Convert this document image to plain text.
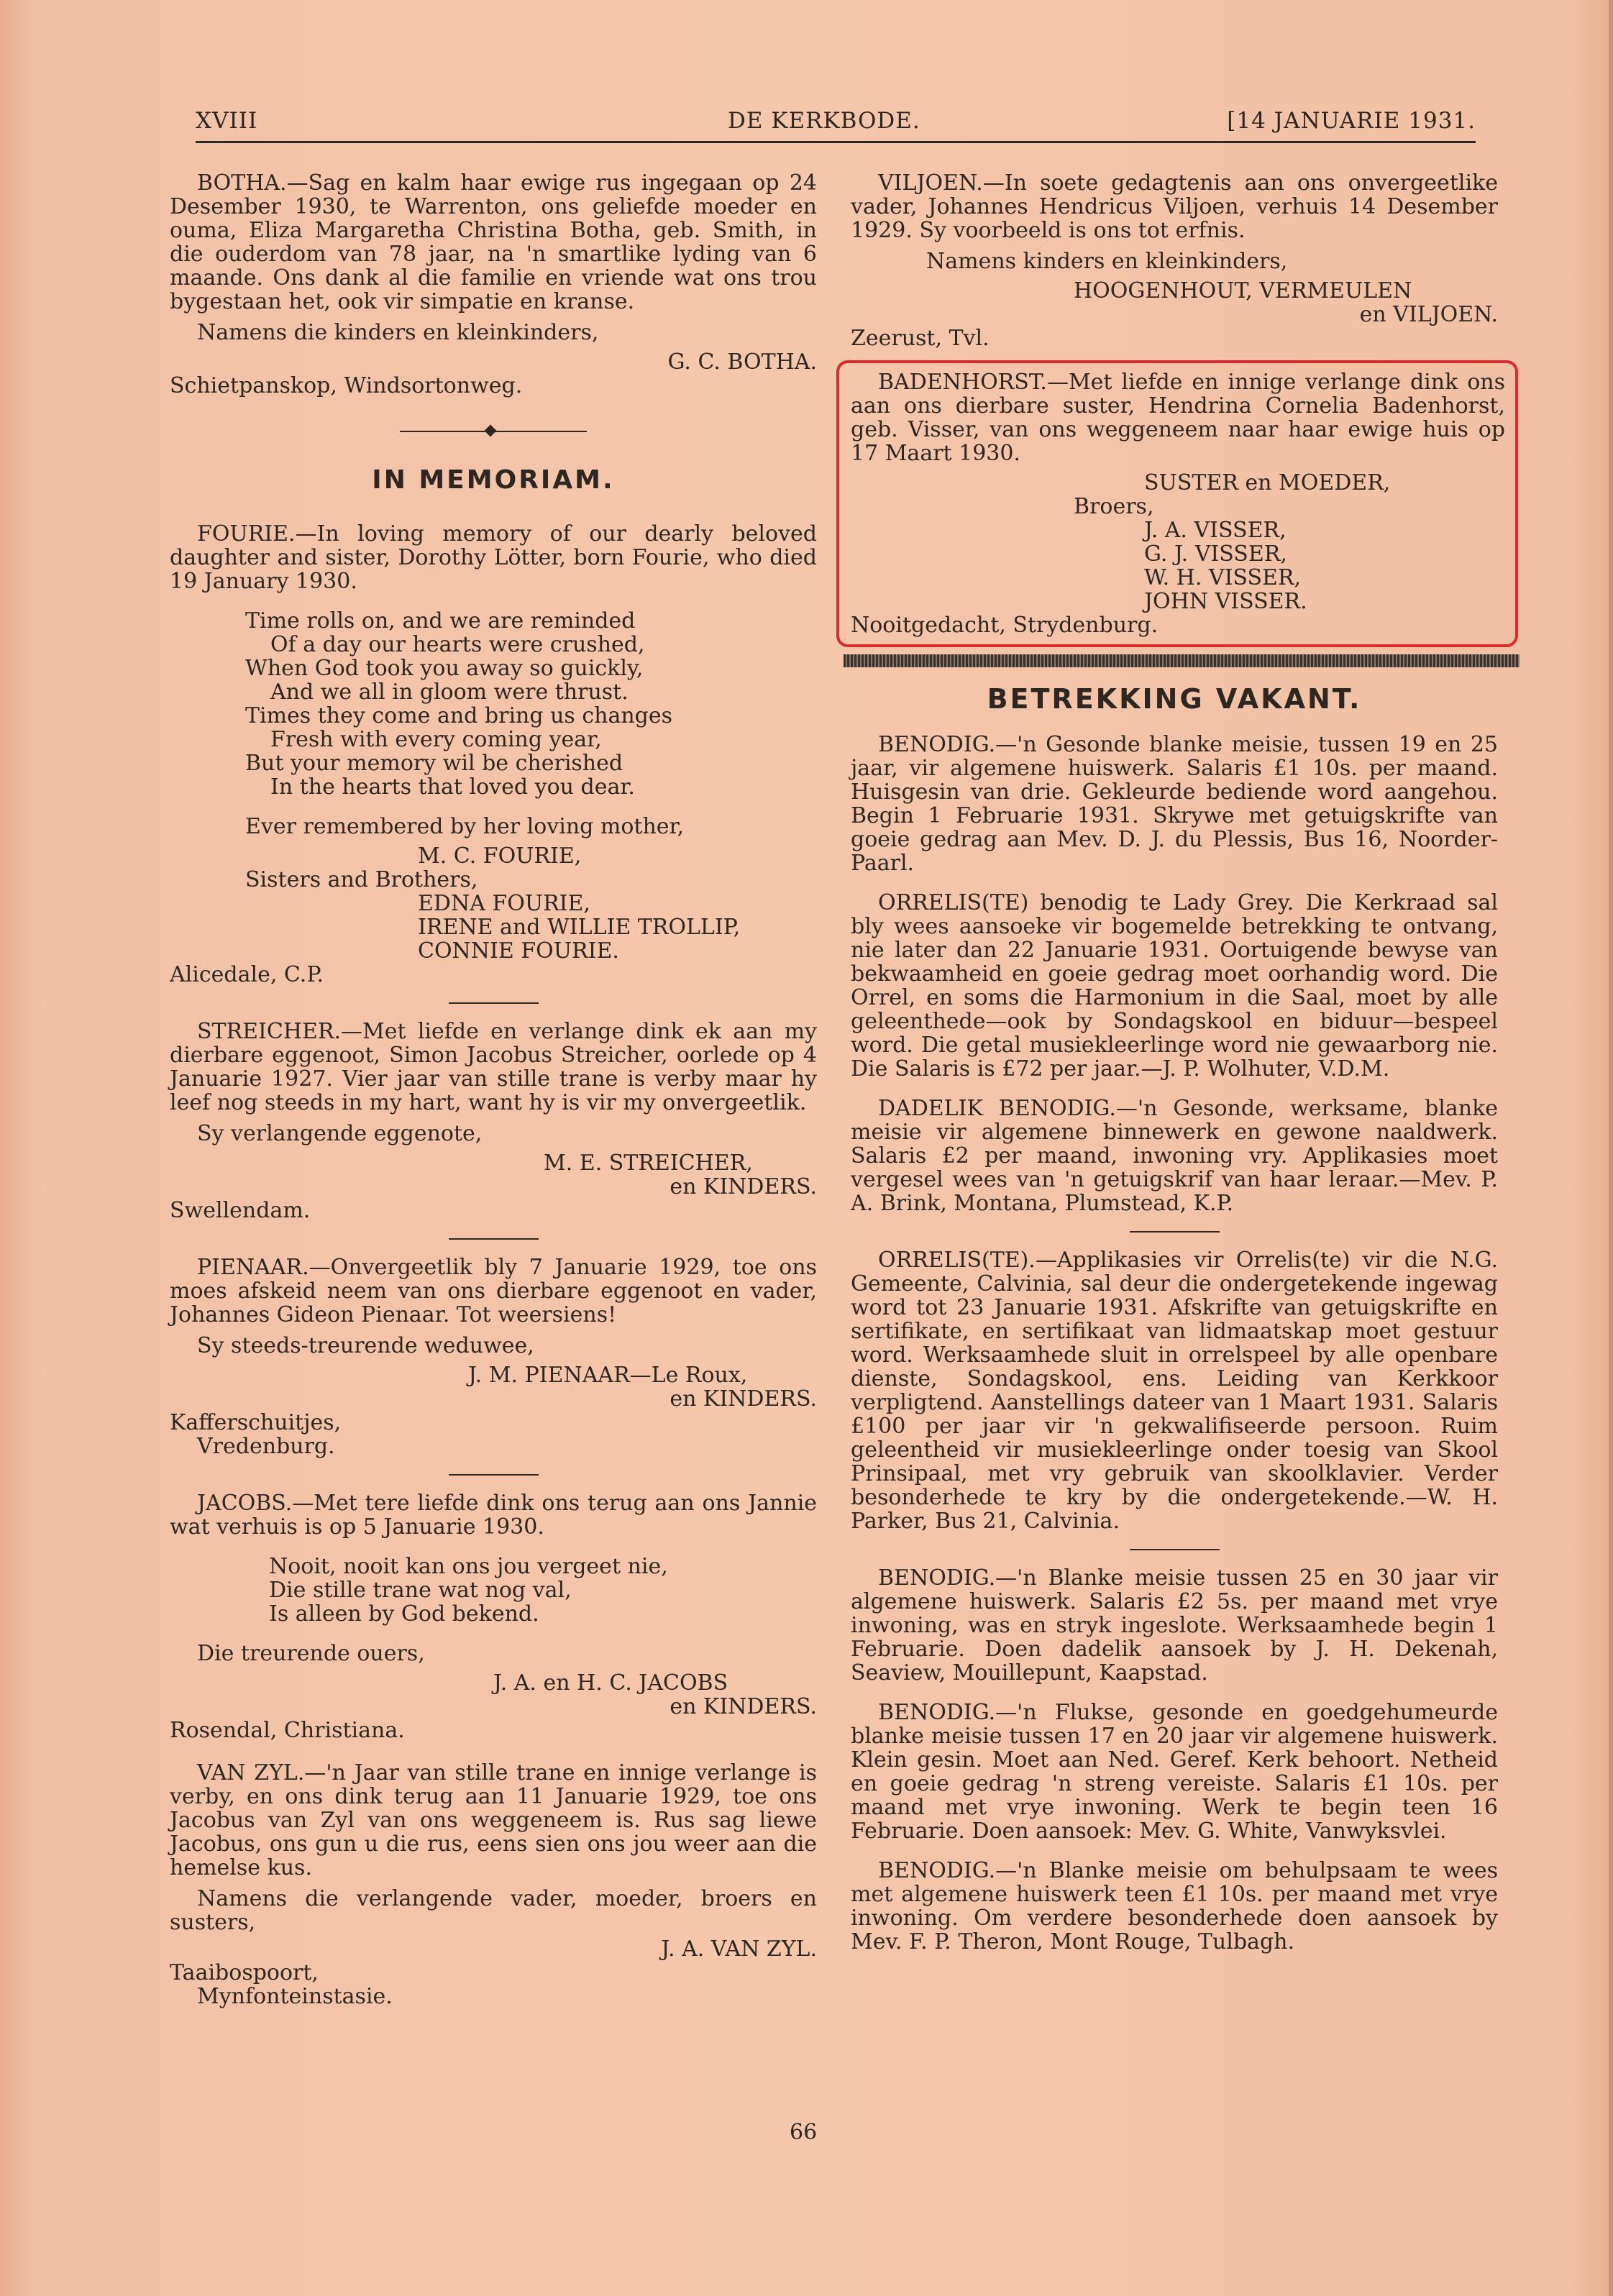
XVIII	DE KERKBODE.	[14 JANUARIE 1931.

BOTHA.—Sag en kalm haar ewige rus ingegaan op 24 Desember 1930, te Warrenton, ons geliefde moeder en ouma, Eliza Margaretha Christina Botha, geb. Smith, in die ouderdom van 78 jaar, na 'n smartlike lyding van 6 maande. Ons dank al die familie en vriende wat ons trou bygestaan het, ook vir simpatie en kranse.

Namens die kinders en kleinkinders,

G. C. BOTHA.

Schietpanskop, Windsortonweg.

IN MEMORIAM.

FOURIE.—In loving memory of our dearly beloved daughter and sister, Dorothy Lötter, born Fourie, who died 19 January 1930.

Time rolls on, and we are reminded
Of a day our hearts were crushed,
When God took you away so guickly,
And we all in gloom were thrust.
Times they come and bring us changes
Fresh with every coming year,
But your memory wil be cherished
In the hearts that loved you dear.

Ever remembered by her loving mother,

M. C. FOURIE,
Sisters and Brothers,
EDNA FOURIE,
IRENE and WILLIE TROLLIP,
CONNIE FOURIE.

Alicedale, C.P.

STREICHER.—Met liefde en verlange dink ek aan my dierbare eggenoot, Simon Jacobus Streicher, oorlede op 4 Januarie 1927. Vier jaar van stille trane is verby maar hy leef nog steeds in my hart, want hy is vir my onvergeetlik.

Sy verlangende eggenote,

M. E. STREICHER,
en KINDERS.

Swellendam.

PIENAAR.—Onvergeetlik bly 7 Januarie 1929, toe ons moes afskeid neem van ons dierbare eggenoot en vader, Johannes Gideon Pienaar. Tot weersiens!

Sy steeds-treurende weduwee,

J. M. PIENAAR—Le Roux,
en KINDERS.

Kafferschuitjes,

Vredenburg.

JACOBS.—Met tere liefde dink ons terug aan ons Jannie wat verhuis is op 5 Januarie 1930.

Nooit, nooit kan ons jou vergeet nie,
Die stille trane wat nog val,
Is alleen by God bekend.

Die treurende ouers,

J. A. en H. C. JACOBS
en KINDERS.

Rosendal, Christiana.

VAN ZYL.—'n Jaar van stille trane en innige verlange is verby, en ons dink terug aan 11 Januarie 1929, toe ons Jacobus van Zyl van ons weggeneem is. Rus sag liewe Jacobus, ons gun u die rus, eens sien ons jou weer aan die hemelse kus.

Namens die verlangende vader, moeder, broers en susters,

J. A. VAN ZYL.

Taaibospoort,

Mynfonteinstasie.

VILJOEN.—In soete gedagtenis aan ons onvergeetlike vader, Johannes Hendricus Viljoen, verhuis 14 Desember 1929. Sy voorbeeld is ons tot erfnis.

Namens kinders en kleinkinders,

HOOGENHOUT, VERMEULEN
en VILJOEN.

Zeerust, Tvl.

BADENHORST.—Met liefde en innige verlange dink ons aan ons dierbare suster, Hendrina Cornelia Badenhorst, geb. Visser, van ons weggeneem naar haar ewige huis op 17 Maart 1930.

SUSTER en MOEDER,
Broers,
J. A. VISSER,
G. J. VISSER,
W. H. VISSER,
JOHN VISSER.

Nooitgedacht, Strydenburg.

BETREKKING VAKANT.

BENODIG.—'n Gesonde blanke meisie, tussen 19 en 25 jaar, vir algemene huiswerk. Salaris £1 10s. per maand. Huisgesin van drie. Gekleurde bediende word aangehou. Begin 1 Februarie 1931. Skrywe met getuigskrifte van goeie gedrag aan Mev. D. J. du Plessis, Bus 16, Noorder-Paarl.

ORRELIS(TE) benodig te Lady Grey. Die Kerkraad sal bly wees aansoeke vir bogemelde betrekking te ontvang, nie later dan 22 Januarie 1931. Oortuigende bewyse van bekwaamheid en goeie gedrag moet oorhandig word. Die Orrel, en soms die Harmonium in die Saal, moet by alle geleenthede—ook by Sondagskool en biduur—bespeel word. Die getal musiekleerlinge word nie gewaarborg nie. Die Salaris is £72 per jaar.—J. P. Wolhuter, V.D.M.

DADELIK BENODIG.—'n Gesonde, werksame, blanke meisie vir algemene binnewerk en gewone naaldwerk. Salaris £2 per maand, inwoning vry. Applikasies moet vergesel wees van 'n getuigskrif van haar leraar.—Mev. P. A. Brink, Montana, Plumstead, K.P.

ORRELIS(TE).—Applikasies vir Orrelis(te) vir die N.G. Gemeente, Calvinia, sal deur die ondergetekende ingewag word tot 23 Januarie 1931. Afskrifte van getuigskrifte en sertifikate, en sertifikaat van lidmaatskap moet gestuur word. Werksaamhede sluit in orrelspeel by alle openbare dienste, Sondagskool, ens. Leiding van Kerkkoor verpligtend. Aanstellings dateer van 1 Maart 1931. Salaris £100 per jaar vir 'n gekwalifiseerde persoon. Ruim geleentheid vir musiekleerlinge onder toesig van Skool Prinsipaal, met vry gebruik van skoolklavier. Verder besonderhede te kry by die ondergetekende.—W. H. Parker, Bus 21, Calvinia.

BENODIG.—'n Blanke meisie tussen 25 en 30 jaar vir algemene huiswerk. Salaris £2 5s. per maand met vrye inwoning, was en stryk ingeslote. Werksaamhede begin 1 Februarie. Doen dadelik aansoek by J. H. Dekenah, Seaview, Mouillepunt, Kaapstad.

BENODIG.—'n Flukse, gesonde en goedgehumeurde blanke meisie tussen 17 en 20 jaar vir algemene huiswerk. Klein gesin. Moet aan Ned. Geref. Kerk behoort. Netheid en goeie gedrag 'n streng vereiste. Salaris £1 10s. per maand met vrye inwoning. Werk te begin teen 16 Februarie. Doen aansoek: Mev. G. White, Vanwyksvlei.

BENODIG.—'n Blanke meisie om behulpsaam te wees met algemene huiswerk teen £1 10s. per maand met vrye inwoning. Om verdere besonderhede doen aansoek by Mev. F. P. Theron, Mont Rouge, Tulbagh.

66
